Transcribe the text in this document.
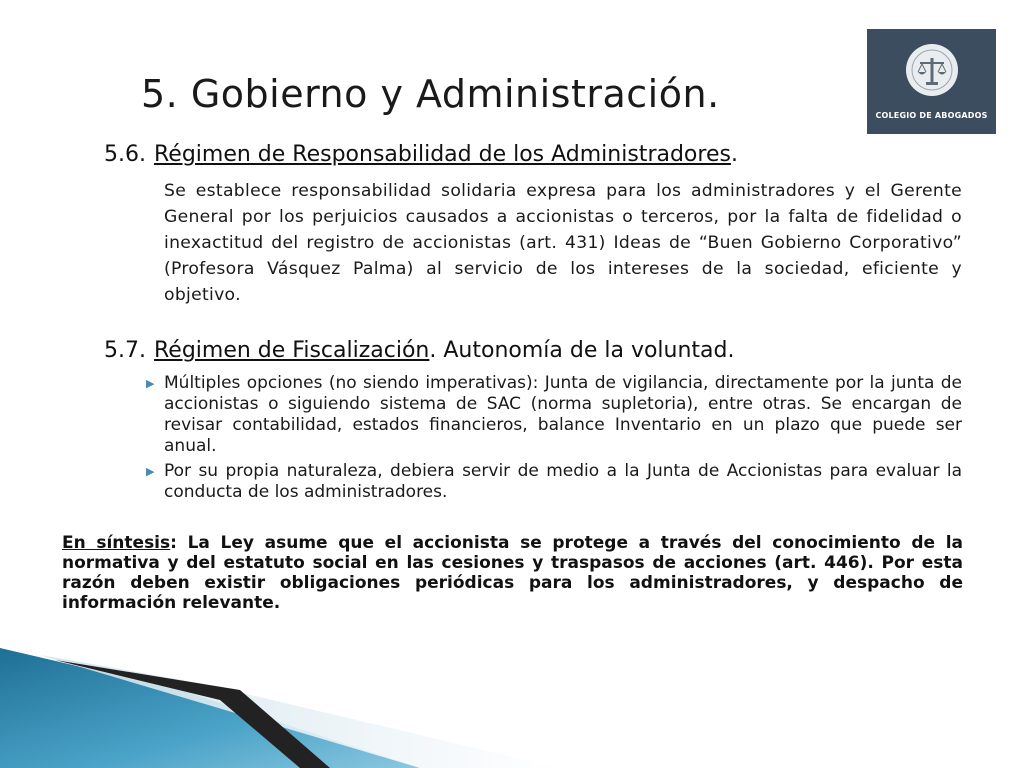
5. Gobierno y Administración.	COLEGIO DE ABOGADOS
5.6. Régimen de Responsabilidad de los Administradores.

Se establece responsabilidad solidaria expresa para los administradores y el Gerente General por los perjuicios causados a accionistas o terceros, por la falta de fidelidad o inexactitud del registro de accionistas (art. 431) Ideas de “Buen Gobierno Corporativo” (Profesora Vásquez Palma) al servicio de los intereses de la sociedad, eficiente y objetivo.

5.7. Régimen de Fiscalización. Autonomía de la voluntad.
▶ Múltiples opciones (no siendo imperativas): Junta de vigilancia, directamente por la junta de accionistas o siguiendo sistema de SAC (norma supletoria), entre otras. Se encargan de revisar contabilidad, estados financieros, balance Inventario en un plazo que puede ser anual.

▶ Por su propia naturaleza, debiera servir de medio a la Junta de Accionistas para evaluar la conducta de los administradores.

En síntesis: La Ley asume que el accionista se protege a través del conocimiento de la normativa y del estatuto social en las cesiones y traspasos de acciones (art. 446). Por esta razón deben existir obligaciones periódicas para los administradores, y despacho de información relevante.
